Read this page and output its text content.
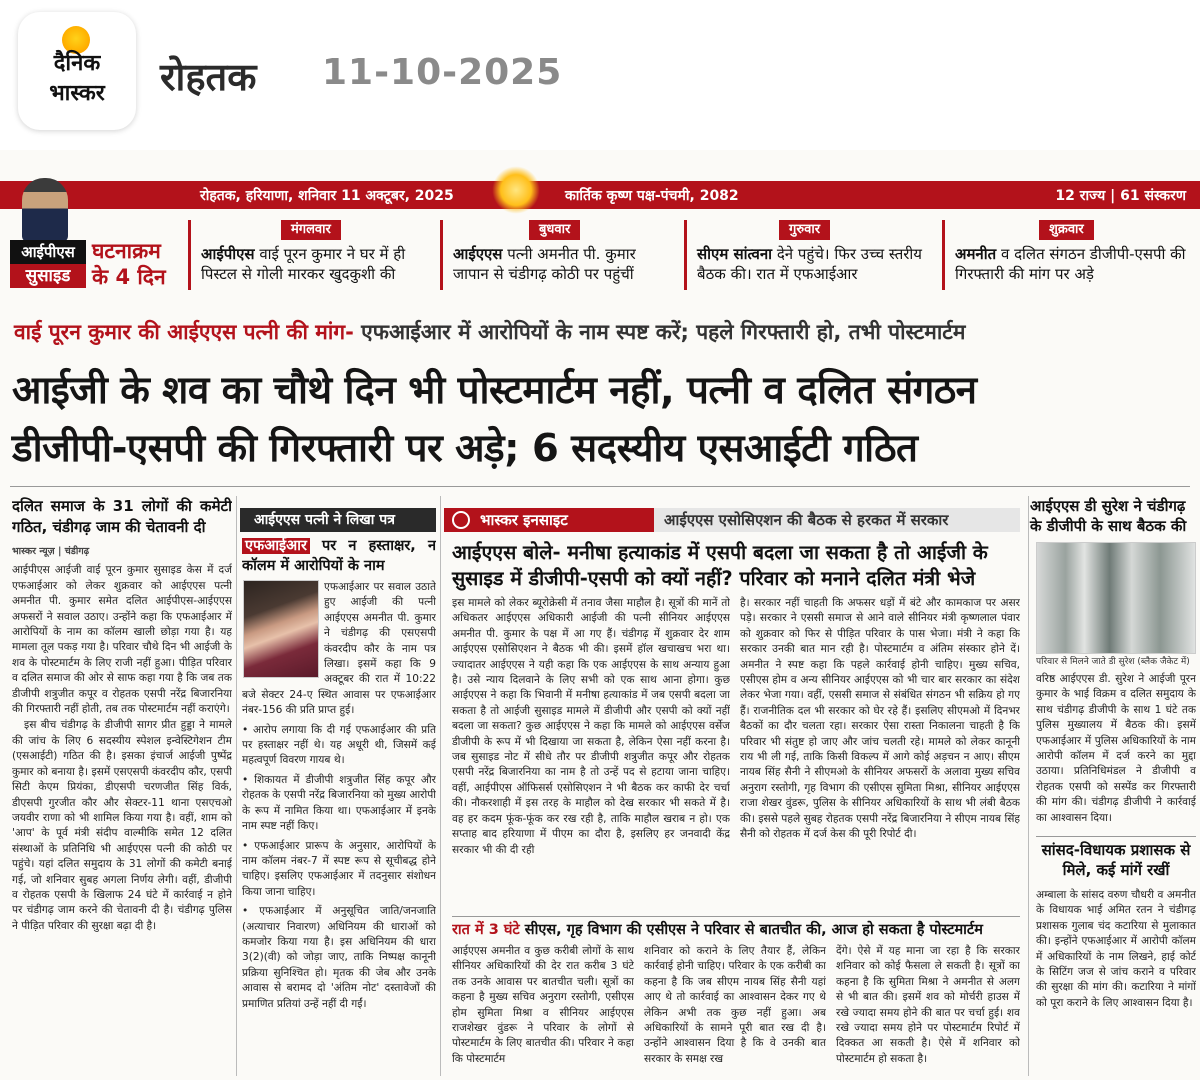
दैनिक
भास्कर	रोहतक 11-10-2025
रोहतक, हरियाणा, शनिवार 11 अक्टूबर, 2025	कार्तिक कृष्ण पक्ष-पंचमी, 2082	12 राज्य | 61 संस्करण
आईपीएस
सुसाइड
घटनाक्रम के 4 दिन
मंगलवार
आईपीएस वाई पूरन कुमार ने घर में ही पिस्टल से गोली मारकर खुदकुशी की
बुधवार
आईएएस पत्नी अमनीत पी. कुमार जापान से चंडीगढ़ कोठी पर पहुंचीं
गुरुवार
सीएम सांत्वना देने पहुंचे। फिर उच्च स्तरीय बैठक की। रात में एफआईआर
शुक्रवार
अमनीत व दलित संगठन डीजीपी-एसपी की गिरफ्तारी की मांग पर अड़े
वाई पूरन कुमार की आईएएस पत्नी की मांग- एफआईआर में आरोपियों के नाम स्पष्ट करें; पहले गिरफ्तारी हो, तभी पोस्टमार्टम
आईजी के शव का चौथे दिन भी पोस्टमार्टम नहीं, पत्नी व दलित संगठन
डीजीपी-एसपी की गिरफ्तारी पर अड़े; 6 सदस्यीय एसआईटी गठित
दलित समाज के 31 लोगों की कमेटी गठित, चंडीगढ़ जाम की चेतावनी दी
भास्कर न्यूज़ | चंडीगढ़

आईपीएस आईजी वाई पूरन कुमार सुसाइड केस में दर्ज एफआईआर को लेकर शुक्रवार को आईएएस पत्नी अमनीत पी. कुमार समेत दलित आईपीएस-आईएएस अफसरों ने सवाल उठाए। उन्होंने कहा कि एफआईआर में आरोपियों के नाम का कॉलम खाली छोड़ा गया है। यह मामला तूल पकड़ गया है। परिवार चौथे दिन भी आईजी के शव के पोस्टमार्टम के लिए राजी नहीं हुआ। पीड़ित परिवार व दलित समाज की ओर से साफ कहा गया है कि जब तक डीजीपी शत्रुजीत कपूर व रोहतक एसपी नरेंद्र बिजारनिया की गिरफ्तारी नहीं होती, तब तक पोस्टमार्टम नहीं कराएंगे।

इस बीच चंडीगढ़ के डीजीपी सागर प्रीत हुड्डा ने मामले की जांच के लिए 6 सदस्यीय स्पेशल इन्वेस्टिगेशन टीम (एसआईटी) गठित की है। इसका इंचार्ज आईजी पुष्पेंद्र कुमार को बनाया है। इसमें एसएसपी कंवरदीप कौर, एसपी सिटी केएम प्रियंका, डीएसपी चरणजीत सिंह विर्क, डीएसपी गुरजीत कौर और सेक्टर-11 थाना एसएचओ जयवीर राणा को भी शामिल किया गया है। वहीं, शाम को 'आप' के पूर्व मंत्री संदीप वाल्मीकि समेत 12 दलित संस्थाओं के प्रतिनिधि भी आईएएस पत्नी की कोठी पर पहुंचे। यहां दलित समुदाय के 31 लोगों की कमेटी बनाई गई, जो शनिवार सुबह अगला निर्णय लेगी। वहीं, डीजीपी व रोहतक एसपी के खिलाफ 24 घंटे में कार्रवाई न होने पर चंडीगढ़ जाम करने की चेतावनी दी है। चंडीगढ़ पुलिस ने पीड़ित परिवार की सुरक्षा बढ़ा दी है।

आईएएस पत्नी ने लिखा पत्र
एफआईआर पर न हस्ताक्षर, न कॉलम में आरोपियों के नाम

एफआईआर पर सवाल उठाते हुए आईजी की पत्नी आईएएस अमनीत पी. कुमार ने चंडीगढ़ की एसएसपी कंवरदीप कौर के नाम पत्र लिखा। इसमें कहा कि 9 अक्टूबर की रात में 10:22 बजे सेक्टर 24-ए स्थित आवास पर एफआईआर नंबर-156 की प्रति प्राप्त हुई।

• आरोप लगाया कि दी गई एफआईआर की प्रति पर हस्ताक्षर नहीं थे। यह अधूरी थी, जिसमें कई महत्वपूर्ण विवरण गायब थे।

• शिकायत में डीजीपी शत्रुजीत सिंह कपूर और रोहतक के एसपी नरेंद्र बिजारनिया को मुख्य आरोपी के रूप में नामित किया था। एफआईआर में इनके नाम स्पष्ट नहीं किए।

• एफआईआर प्रारूप के अनुसार, आरोपियों के नाम कॉलम नंबर-7 में स्पष्ट रूप से सूचीबद्ध होने चाहिए। इसलिए एफआईआर में तदनुसार संशोधन किया जाना चाहिए।

• एफआईआर में अनुसूचित जाति/जनजाति (अत्याचार निवारण) अधिनियम की धाराओं को कमजोर किया गया है। इस अधिनियम की धारा 3(2)(वी) को जोड़ा जाए, ताकि निष्पक्ष कानूनी प्रक्रिया सुनिश्चित हो। मृतक की जेब और उनके आवास से बरामद दो 'अंतिम नोट' दस्तावेजों की प्रमाणित प्रतियां उन्हें नहीं दी गईं।

भास्कर इनसाइट	आईएएस एसोसिएशन की बैठक से हरकत में सरकार
आईएएस बोले- मनीषा हत्याकांड में एसपी बदला जा सकता है तो आईजी के सुसाइड में डीजीपी-एसपी को क्यों नहीं? परिवार को मनाने दलित मंत्री भेजे
इस मामले को लेकर ब्यूरोक्रेसी में तनाव जैसा माहौल है। सूत्रों की मानें तो अधिकतर आईएएस अधिकारी आईजी की पत्नी सीनियर आईएएस अमनीत पी. कुमार के पक्ष में आ गए हैं। चंडीगढ़ में शुक्रवार देर शाम आईएएस एसोसिएशन ने बैठक भी की। इसमें हॉल खचाखच भरा था। ज्यादातर आईएएस ने यही कहा कि एक आईएएस के साथ अन्याय हुआ है। उसे न्याय दिलवाने के लिए सभी को एक साथ आना होगा। कुछ आईएएस ने कहा कि भिवानी में मनीषा हत्याकांड में जब एसपी बदला जा सकता है तो आईजी सुसाइड मामले में डीजीपी और एसपी को क्यों नहीं बदला जा सकता? कुछ आईएएस ने कहा कि मामले को आईएएस वर्सेज डीजीपी के रूप में भी दिखाया जा सकता है, लेकिन ऐसा नहीं करना है। जब सुसाइड नोट में सीधे तौर पर डीजीपी शत्रुजीत कपूर और रोहतक एसपी नरेंद्र बिजारनिया का नाम है तो उन्हें पद से हटाया जाना चाहिए। वहीं, आईपीएस ऑफिसर्स एसोसिएशन ने भी बैठक कर काफी देर चर्चा की। नौकरशाही में इस तरह के माहौल को देख सरकार भी सकते में है। वह हर कदम फूंक-फूंक कर रख रही है, ताकि माहौल खराब न हो। एक सप्ताह बाद हरियाणा में पीएम का दौरा है, इसलिए हर जनवादी केंद्र सरकार भी की दी रही
है। सरकार नहीं चाहती कि अफसर धड़ों में बंटे और कामकाज पर असर पड़े। सरकार ने एससी समाज से आने वाले सीनियर मंत्री कृष्णलाल पंवार को शुक्रवार को फिर से पीड़ित परिवार के पास भेजा। मंत्री ने कहा कि सरकार उनकी बात मान रही है। पोस्टमार्टम व अंतिम संस्कार होने दें। अमनीत ने स्पष्ट कहा कि पहले कार्रवाई होनी चाहिए। मुख्य सचिव, एसीएस होम व अन्य सीनियर आईएएस को भी चार बार सरकार का संदेश लेकर भेजा गया। वहीं, एससी समाज से संबंधित संगठन भी सक्रिय हो गए हैं। राजनीतिक दल भी सरकार को घेर रहे हैं। इसलिए सीएमओ में दिनभर बैठकों का दौर चलता रहा। सरकार ऐसा रास्ता निकालना चाहती है कि परिवार भी संतुष्ट हो जाए और जांच चलती रहे। मामले को लेकर कानूनी राय भी ली गई, ताकि किसी विकल्प में आगे कोई अड़चन न आए। सीएम नायब सिंह सैनी ने सीएमओ के सीनियर अफसरों के अलावा मुख्य सचिव अनुराग रस्तोगी, गृह विभाग की एसीएस सुमिता मिश्रा, सीनियर आईएएस राजा शेखर वुंडरू, पुलिस के सीनियर अधिकारियों के साथ भी लंबी बैठक की। इससे पहले सुबह रोहतक एसपी नरेंद्र बिजारनिया ने सीएम नायब सिंह सैनी को रोहतक में दर्ज केस की पूरी रिपोर्ट दी।
रात में 3 घंटे सीएस, गृह विभाग की एसीएस ने परिवार से बातचीत की, आज हो सकता है पोस्टमार्टम
आईएएस अमनीत व कुछ करीबी लोगों के साथ सीनियर अधिकारियों की देर रात करीब 3 घंटे तक उनके आवास पर बातचीत चली। सूत्रों का कहना है मुख्य सचिव अनुराग रस्तोगी, एसीएस होम सुमिता मिश्रा व सीनियर आईएएस राजशेखर वुंडरू ने परिवार के लोगों से पोस्टमार्टम के लिए बातचीत की। परिवार ने कहा कि पोस्टमार्टम
शनिवार को कराने के लिए तैयार हैं, लेकिन कार्रवाई होनी चाहिए। परिवार के एक करीबी का कहना है कि जब सीएम नायब सिंह सैनी यहां आए थे तो कार्रवाई का आश्वासन देकर गए थे लेकिन अभी तक कुछ नहीं हुआ। अब अधिकारियों के सामने पूरी बात रख दी है। उन्होंने आश्वासन दिया है कि वे उनकी बात सरकार के समक्ष रख
देंगे। ऐसे में यह माना जा रहा है कि सरकार शनिवार को कोई फैसला ले सकती है। सूत्रों का कहना है कि सुमिता मिश्रा ने अमनीत से अलग से भी बात की। इसमें शव को मोर्चरी हाउस में रखे ज्यादा समय होने की बात पर चर्चा हुई। शव रखे ज्यादा समय होने पर पोस्टमार्टम रिपोर्ट में दिक्कत आ सकती है। ऐसे में शनिवार को पोस्टमार्टम हो सकता है।
आईएएस डी सुरेश ने चंडीगढ़ के डीजीपी के साथ बैठक की
परिवार से मिलने जाते डी सुरेश (ब्लैक जैकेट में)
वरिष्ठ आईएएस डी. सुरेश ने आईजी पूरन कुमार के भाई विक्रम व दलित समुदाय के साथ चंडीगढ़ डीजीपी के साथ 1 घंटे तक पुलिस मुख्यालय में बैठक की। इसमें एफआईआर में पुलिस अधिकारियों के नाम आरोपी कॉलम में दर्ज करने का मुद्दा उठाया। प्रतिनिधिमंडल ने डीजीपी व रोहतक एसपी को सस्पेंड कर गिरफ्तारी की मांग की। चंडीगढ़ डीजीपी ने कार्रवाई का आश्वासन दिया।
सांसद-विधायक प्रशासक से मिले, कई मांगें रखीं
अम्बाला के सांसद वरुण चौधरी व अमनीत के विधायक भाई अमित रतन ने चंडीगढ़ प्रशासक गुलाब चंद कटारिया से मुलाकात की। इन्होंने एफआईआर में आरोपी कॉलम में अधिकारियों के नाम लिखने, हाई कोर्ट के सिटिंग जज से जांच कराने व परिवार की सुरक्षा की मांग की। कटारिया ने मांगों को पूरा कराने के लिए आश्वासन दिया है।
